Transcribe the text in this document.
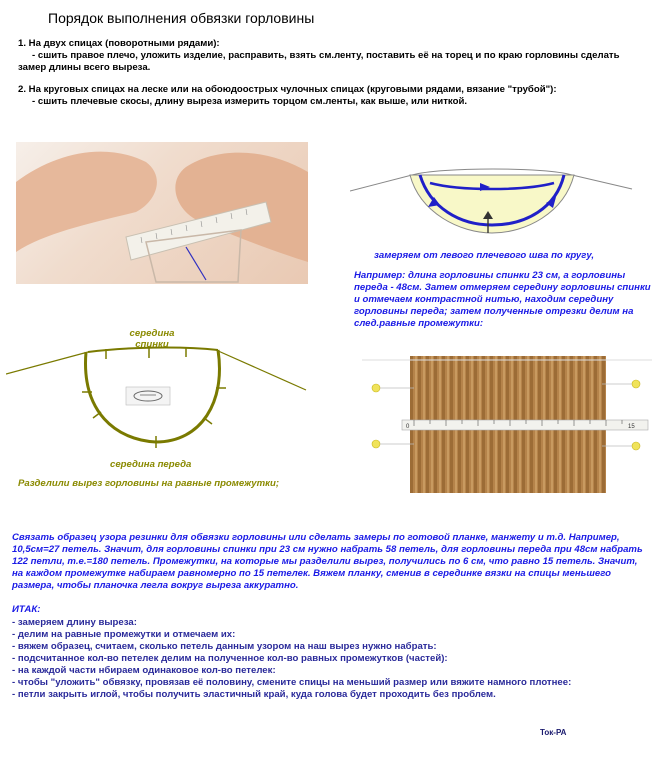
Порядок выполнения обвязки горловины

1. На двух спицах (поворотными рядами):
- сшить правое плечо, уложить изделие, расправить, взять см.ленту, поставить её на торец и по краю горловины сделать замер длины всего выреза.

2. На круговых спицах на леске или на обоюдоострых чулочных спицах (круговыми рядами, вязание "трубой"):
- сшить плечевые скосы, длину выреза измерить торцом см.ленты, как выше, или ниткой.

замеряем от левого плечевого шва по кругу,
Например: длина горловины спинки 23 см, а горловины переда - 48см. Затем отмеряем середину горловины спинки и отмечаем контрастной нитью, находим середину горловины переда; затем полученные отрезки делим на след.равные промежутки:
середина спинки
середина переда
Разделили вырез горловины на равные промежутки;
0	15
Связать образец узора резинки для обвязки горловины или сделать замеры по готовой планке, манжету и т.д. Например, 10,5см=27 петель. Значит, для горловины спинки при 23 см нужно набрать 58 петель, для горловины переда при 48см набрать 122 петли, т.е.=180 петель. Промежутки, на которые мы разделили вырез, получились по 6 см, что равно 15 петель. Значит, на каждом промежутке набираем равномерно по 15 петелек. Вяжем планку, сменив в серединке вязки на спицы меньшего размера, чтобы планочка легла вокруг выреза аккуратно.
ИТАК:
- замеряем длину выреза:
- делим на равные промежутки и отмечаем их:
- вяжем образец, считаем, сколько петель данным узором на наш вырез нужно набрать:
- подсчитанное кол-во петелек делим на полученное кол-во равных промежутков (частей):
- на каждой части нбираем одинаковое кол-во петелек:
- чтобы "уложить" обвязку, провязав её половину, смените спицы на меньший размер или вяжите намного плотнее:
- петли закрыть иглой, чтобы получить эластичный край, куда голова будет проходить без проблем.
Ток-РА
